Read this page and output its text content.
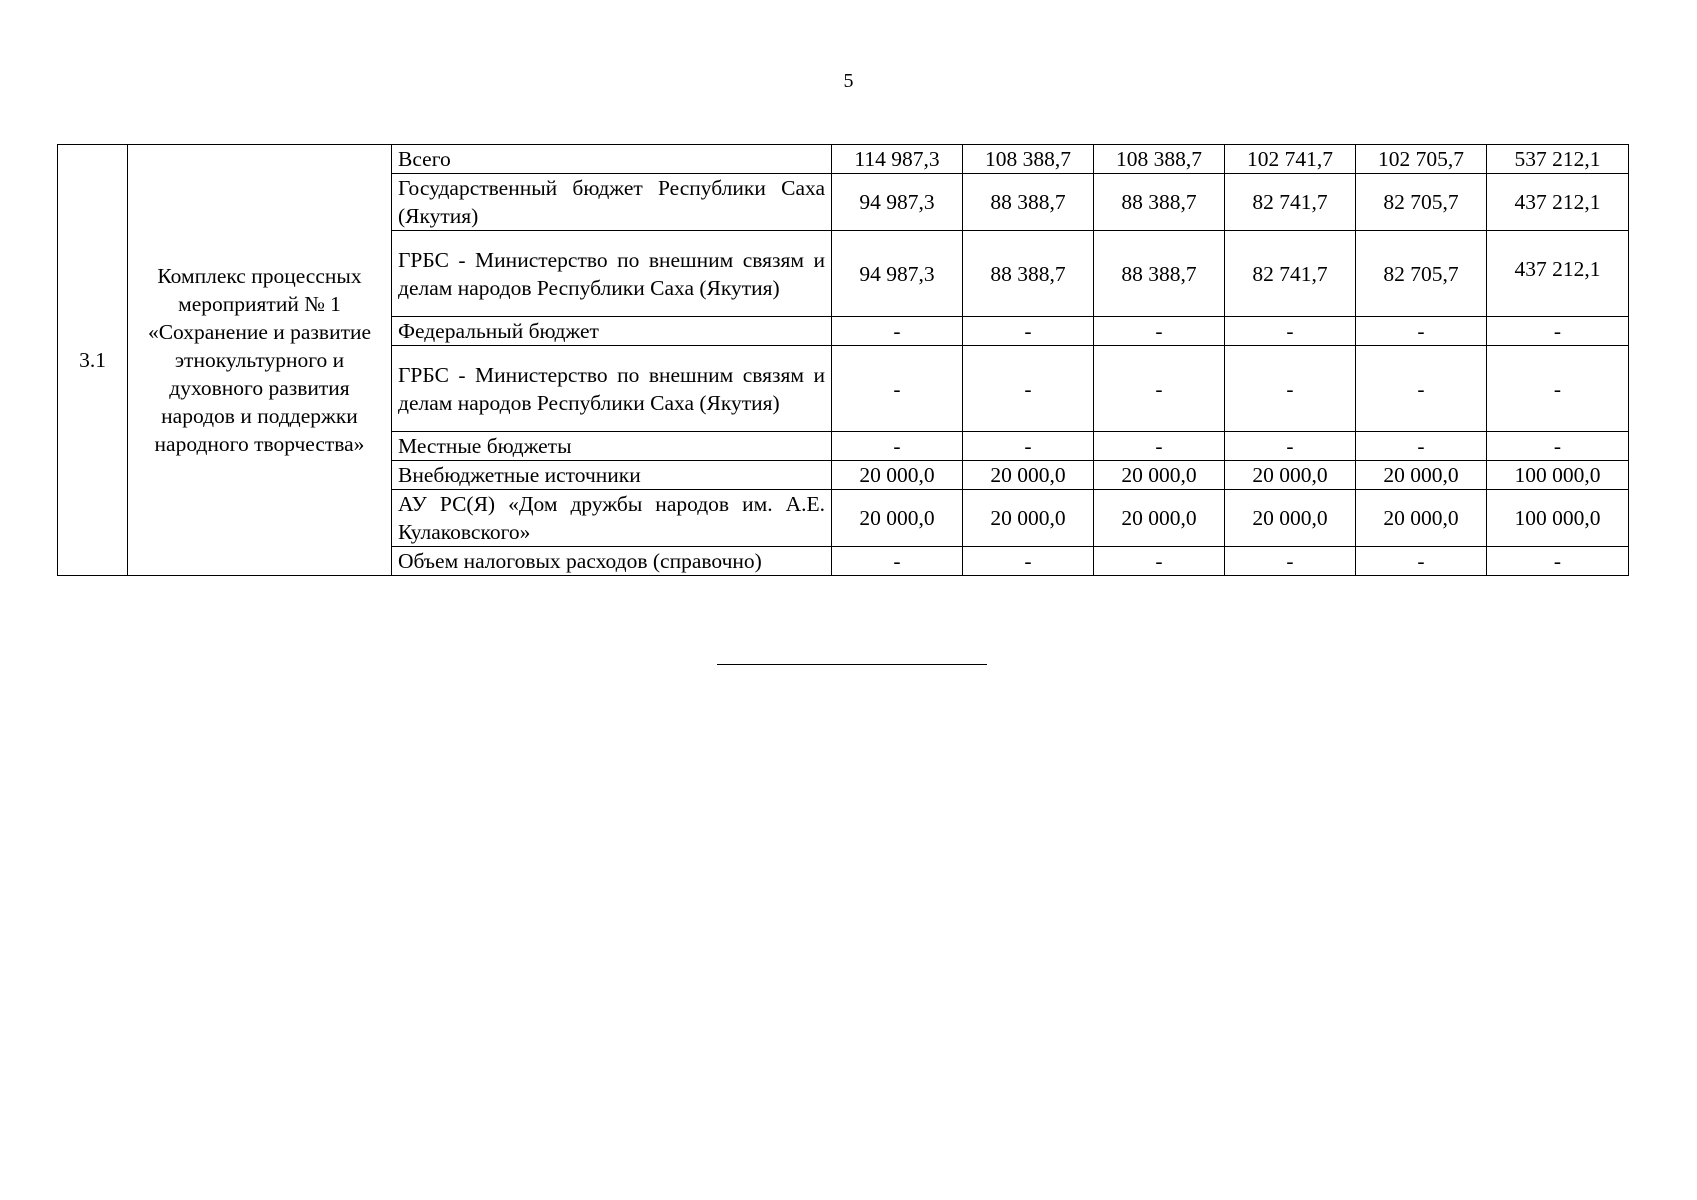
5
3.1	Комплекс процессных мероприятий № 1 «Сохранение и развитие этнокультурного и духовного развития народов и поддержки народного творчества»	Всего	114 987,3	108 388,7	108 388,7	102 741,7	102 705,7	537 212,1
		Государственный бюджет Республики Саха (Якутия)	94 987,3	88 388,7	88 388,7	82 741,7	82 705,7	437 212,1
		ГРБС - Министерство по внешним связям и делам народов Республики Саха (Якутия)	94 987,3	88 388,7	88 388,7	82 741,7	82 705,7	437 212,1
		Федеральный бюджет	-	-	-	-	-	-
		ГРБС - Министерство по внешним связям и делам народов Республики Саха (Якутия)	-	-	-	-	-	-
		Местные бюджеты	-	-	-	-	-	-
		Внебюджетные источники	20 000,0	20 000,0	20 000,0	20 000,0	20 000,0	100 000,0
		АУ РС(Я) «Дом дружбы народов им. А.Е. Кулаковского»	20 000,0	20 000,0	20 000,0	20 000,0	20 000,0	100 000,0
		Объем налоговых расходов (справочно)	-	-	-	-	-	-
